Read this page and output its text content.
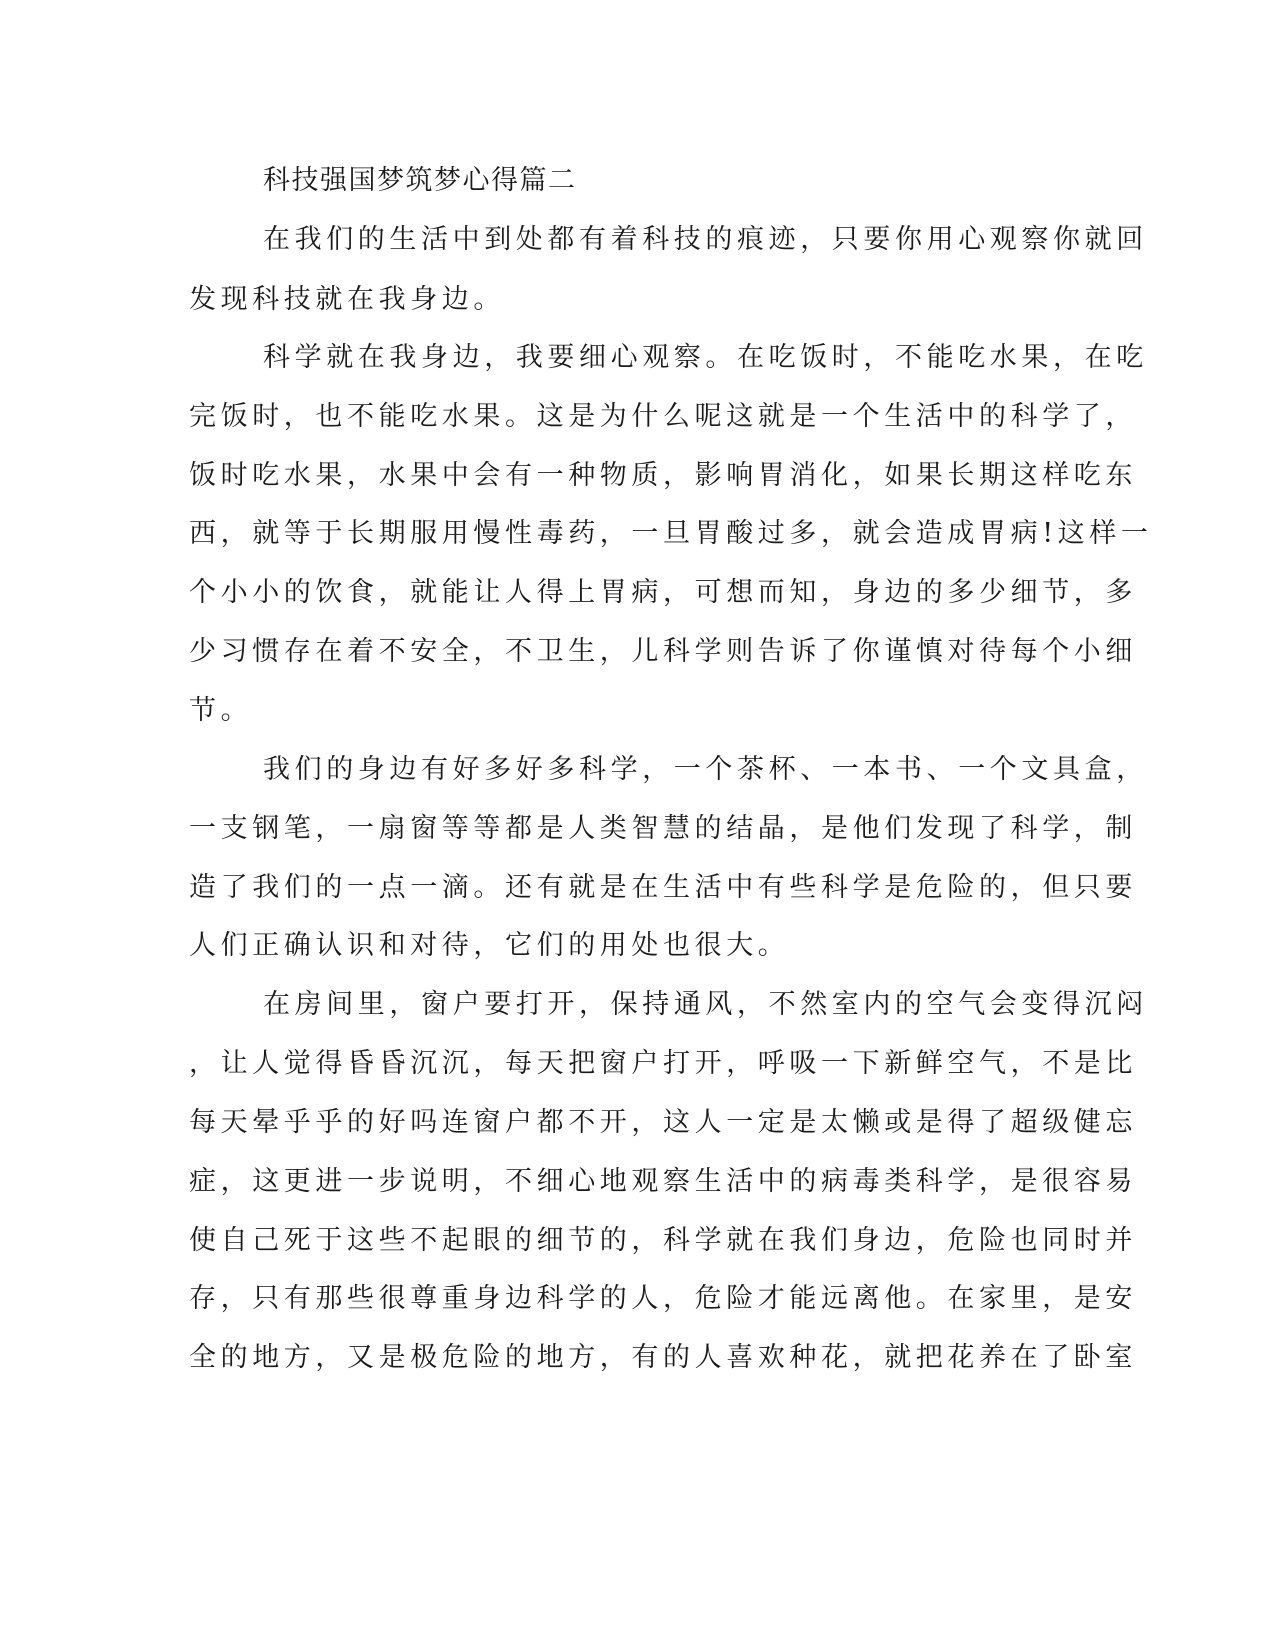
科技强国梦筑梦心得篇二
在我们的生活中到处都有着科技的痕迹，只要你用心观察你就回
发现科技就在我身边。
科学就在我身边，我要细心观察。在吃饭时，不能吃水果，在吃
完饭时，也不能吃水果。这是为什么呢这就是一个生活中的科学了，
饭时吃水果，水果中会有一种物质，影响胃消化，如果长期这样吃东
西，就等于长期服用慢性毒药，一旦胃酸过多，就会造成胃病!这样一
个小小的饮食，就能让人得上胃病，可想而知，身边的多少细节，多
少习惯存在着不安全，不卫生，儿科学则告诉了你谨慎对待每个小细
节。
我们的身边有好多好多科学，一个茶杯、一本书、一个文具盒，
一支钢笔，一扇窗等等都是人类智慧的结晶，是他们发现了科学，制
造了我们的一点一滴。还有就是在生活中有些科学是危险的，但只要
人们正确认识和对待，它们的用处也很大。
在房间里，窗户要打开，保持通风，不然室内的空气会变得沉闷
，让人觉得昏昏沉沉，每天把窗户打开，呼吸一下新鲜空气，不是比
每天晕乎乎的好吗连窗户都不开，这人一定是太懒或是得了超级健忘
症，这更进一步说明，不细心地观察生活中的病毒类科学，是很容易
使自己死于这些不起眼的细节的，科学就在我们身边，危险也同时并
存，只有那些很尊重身边科学的人，危险才能远离他。在家里，是安
全的地方，又是极危险的地方，有的人喜欢种花，就把花养在了卧室
